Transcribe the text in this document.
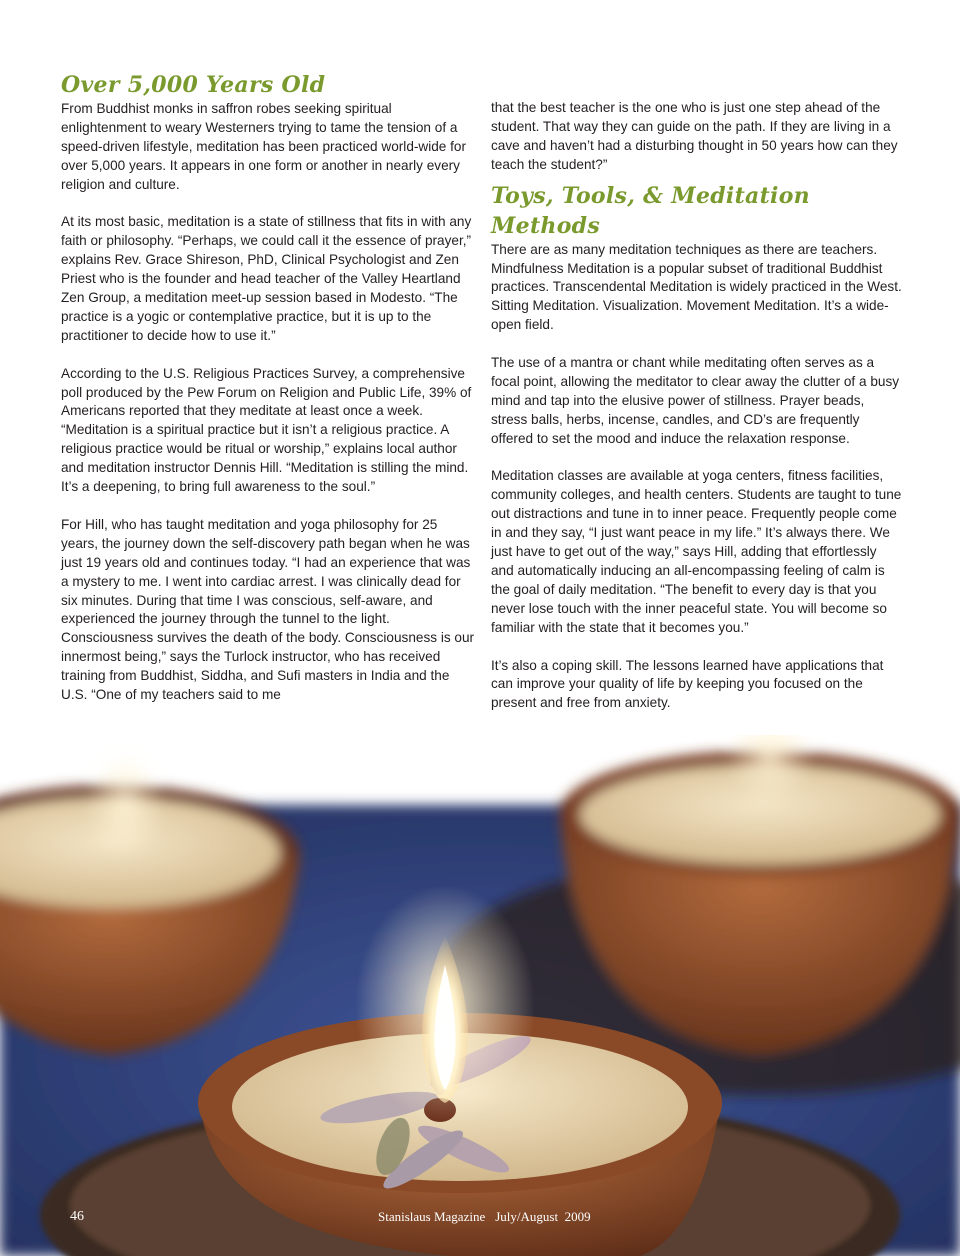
Over 5,000 Years Old

From Buddhist monks in saffron robes seeking spiritual enlightenment to weary Westerners trying to tame the tension of a speed-driven lifestyle, meditation has been practiced world-wide for over 5,000 years. It appears in one form or another in nearly every religion and culture.

At its most basic, meditation is a state of stillness that fits in with any faith or philosophy. “Perhaps, we could call it the essence of prayer,” explains Rev. Grace Shireson, PhD, Clinical Psychologist and Zen Priest who is the founder and head teacher of the Valley Heartland Zen Group, a meditation meet-up session based in Modesto. “The practice is a yogic or contemplative practice, but it is up to the practitioner to decide how to use it.”

According to the U.S. Religious Practices Survey, a comprehensive poll produced by the Pew Forum on Religion and Public Life, 39% of Americans reported that they meditate at least once a week. “Meditation is a spiritual practice but it isn’t a religious practice. A religious practice would be ritual or worship,” explains local author and meditation instructor Dennis Hill. “Meditation is stilling the mind. It’s a deepening, to bring full awareness to the soul.”

For Hill, who has taught meditation and yoga philosophy for 25 years, the journey down the self-discovery path began when he was just 19 years old and continues today. “I had an experience that was a mystery to me. I went into cardiac arrest. I was clinically dead for six minutes. During that time I was conscious, self-aware, and experienced the journey through the tunnel to the light. Consciousness survives the death of the body. Consciousness is our innermost being,” says the Turlock instructor, who has received training from Buddhist, Siddha, and Sufi masters in India and the U.S. “One of my teachers said to me

that the best teacher is the one who is just one step ahead of the student. That way they can guide on the path. If they are living in a cave and haven’t had a disturbing thought in 50 years how can they teach the student?”

Toys, Tools, & Meditation Methods

There are as many meditation techniques as there are teachers. Mindfulness Meditation is a popular subset of traditional Buddhist practices. Transcendental Meditation is widely practiced in the West. Sitting Meditation. Visualization. Movement Meditation. It’s a wide-open field.

The use of a mantra or chant while meditating often serves as a focal point, allowing the meditator to clear away the clutter of a busy mind and tap into the elusive power of stillness. Prayer beads, stress balls, herbs, incense, candles, and CD’s are frequently offered to set the mood and induce the relaxation response.

Meditation classes are available at yoga centers, fitness facilities, community colleges, and health centers. Students are taught to tune out distractions and tune in to inner peace. Frequently people come in and they say, “I just want peace in my life.” It’s always there. We just have to get out of the way,” says Hill, adding that effortlessly and automatically inducing an all-encompassing feeling of calm is the goal of daily meditation. “The benefit to every day is that you never lose touch with the inner peaceful state. You will become so familiar with the state that it becomes you.”

It’s also a coping skill. The lessons learned have applications that can improve your quality of life by keeping you focused on the present and free from anxiety.

46	Stanislaus Magazine July/August  2009
